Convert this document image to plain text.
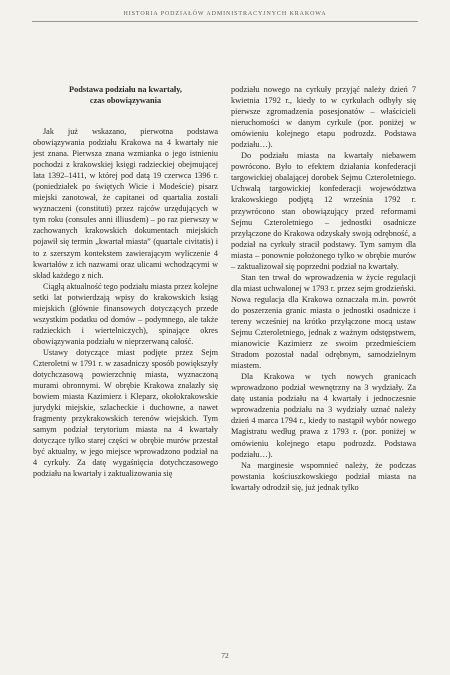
HISTORIA PODZIAŁÓW ADMINISTRACYJNYCH KRAKOWA
Podstawa podziału na kwartały,
czas obowiązywania

Jak już wskazano, pierwotna podstawa obowiązywania podziału Krakowa na 4 kwartały nie jest znana. Pierwsza znana wzmianka o jego istnieniu pochodzi z krakowskiej księgi radzieckiej obejmującej lata 1392–1411, w której pod datą 19 czerwca 1396 r. (poniedziałek po świętych Wicie i Modeście) pisarz miejski zanotował, że capitanei od quartalia zostali wyznaczeni (constituti) przez rajców urzędujących w tym roku (consules anni illiusdem) – po raz pierwszy w zachowanych krakowskich dokumentach miejskich pojawił się termin „kwartał miasta” (quartale civitatis) i to z szerszym kontekstem zawierającym wyliczenie 4 kwartałów z ich nazwami oraz ulicami wchodzącymi w skład każdego z nich.

Ciągłą aktualność tego podziału miasta przez kolejne setki lat potwierdzają wpisy do krakowskich ksiąg miejskich (głównie finansowych dotyczących przede wszystkim podatku od domów – podymnego, ale także radzieckich i wiertelniczych), spinające okres obowiązywania podziału w nieprzerwaną całość.

Ustawy dotyczące miast podjęte przez Sejm Czteroletni w 1791 r. w zasadniczy sposób powiększyły dotychczasową powierzchnię miasta, wyznaczoną murami obronnymi. W obrębie Krakowa znalazły się bowiem miasta Kazimierz i Kleparz, okołokrakowskie jurydyki miejskie, szlacheckie i duchowne, a nawet fragmenty przykrakowskich terenów wiejskich. Tym samym podział terytorium miasta na 4 kwartały dotyczące tylko starej części w obrębie murów przestał być aktualny, w jego miejsce wprowadzono podział na 4 cyrkuły. Za datę wygaśnięcia dotychczasowego podziału na kwartały i zaktualizowania się

podziału nowego na cyrkuły przyjąć należy dzień 7 kwietnia 1792 r., kiedy to w cyrkułach odbyły się pierwsze zgromadzenia posesjonatów – właścicieli nieruchomości w danym cyrkule (por. poniżej w omówieniu kolejnego etapu podrozdz. Podstawa podziału…).

Do podziału miasta na kwartały niebawem powrócono. Było to efektem działania konfederacji targowickiej obalającej dorobek Sejmu Czteroletniego. Uchwałą targowickiej konfederacji województwa krakowskiego podjętą 12 września 1792 r. przywrócono stan obowiązujący przed reformami Sejmu Czteroletniego – jednostki osadnicze przyłączone do Krakowa odzyskały swoją odrębność, a podział na cyrkuły stracił podstawy. Tym samym dla miasta – ponownie położonego tylko w obrębie murów – zaktualizował się poprzedni podział na kwartały.

Stan ten trwał do wprowadzenia w życie regulacji dla miast uchwalonej w 1793 r. przez sejm grodzieński. Nowa regulacja dla Krakowa oznaczała m.in. powrót do poszerzenia granic miasta o jednostki osadnicze i tereny wcześniej na krótko przyłączone mocą ustaw Sejmu Czteroletniego, jednak z ważnym odstępstwem, mianowicie Kazimierz ze swoim przedmieściem Stradom pozostał nadal odrębnym, samodzielnym miastem.

Dla Krakowa w tych nowych granicach wprowadzono podział wewnętrzny na 3 wydziały. Za datę ustania podziału na 4 kwartały i jednoczesnie wprowadzenia podziału na 3 wydziały uznać należy dzień 4 marca 1794 r., kiedy to nastąpił wybór nowego Magistratu według prawa z 1793 r. (por. poniżej w omówieniu kolejnego etapu podrozdz. Podstawa podziału…).

Na marginesie wspomnieć należy, że podczas powstania kościuszkowskiego podział miasta na kwartały odrodził się, już jednak tylko

72
